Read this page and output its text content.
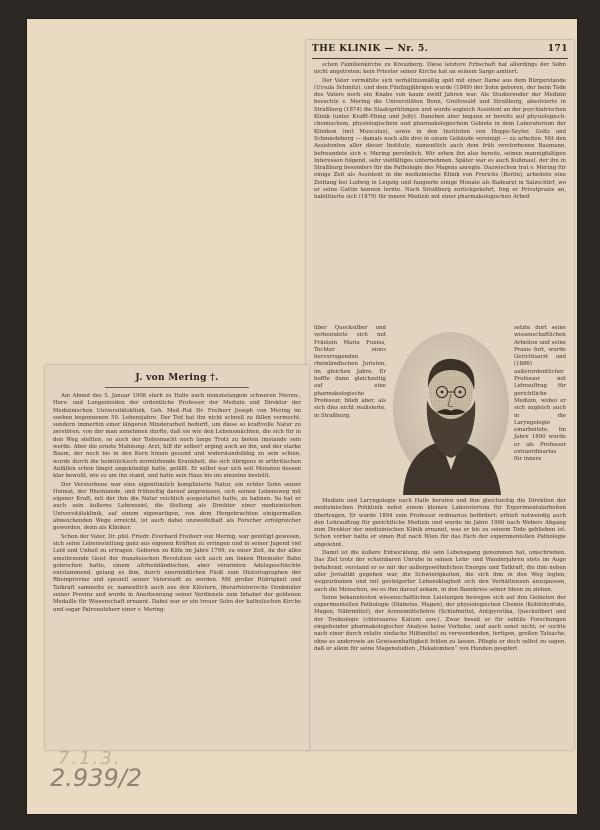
THE KLINIK — Nr. 5.	171

schen Familienkirche zu Kreuzberg. Diese letztere Erbschaft hat allerdings der Sohn nicht angetreten; kein Priester seiner Kirche hat an seinem Sarge amtiert.

Der Vater vermählte sich verhältnismäßig spät mit einer Dame aus dem Bürgerstande (Ursula Schmitz), und dem Fünfzigjährigen wurde (1849) der Sohn geboren, der beim Tode des Vaters noch ein Knabe von kaum zwölf Jahren war. Als Studierender der Medizin besuchte v. Mering die Universitäten Bonn, Greifswald und Straßburg, absolvierte in Straßburg (1874) die Staatsprüfungen und wurde sogleich Assistent an der psychiatrischen Klinik (unter Krafft-Ebing und Jolly). Daneben aber begann er bereits auf physiologisch-chemischem, physiologischem und pharmakologischem Gebiete in dem Laboratorium der Kliniken (mit Musculus), sowie in den Instituten von Hoppe-Seyler, Goltz und Schmiedeberg — damals noch alle drei in einem Gebäude vereinigt — zu arbeiten. Mit den Assistenten aller dieser Institute, namentlich auch dem früh verstorbenen Baumann, befreundete sich v. Mering persönlich. Wir sehen ihn also bereits, seinen mannigfaltigen Interessen folgend, sehr vielfältiges unternehmen. Später war es auch Kußmaul, der ihn in Straßburg besonders für die Pathologie des Magens anregte. Dazwischen trat v. Mering für einige Zeit als Assistent in die medizinische Klinik von Frerichs (Berlin), arbeitete eine Zeitlang bei Ludwig in Leipzig und fungierte einige Monate als Badearzt in Salzschlirf, wo er seine Gattin kennen lernte. Nach Straßburg zurückgekehrt, fing er Privatpraxis an, habilitierte sich (1879) für innere Medizin mit einer pharmakologischen Arbeit

über Quecksilber und verheiratete sich mit Fräulein Maria Fuxius, Tochter eines hervorragenden rheinländischen Juristen, im gleichen Jahre. Er hoffte dann gleichzeitig auf eine pharmakologische Professur, blieb aber, als sich dies nicht realisierte, in Straßburg.
setzte dort seine wissenschaftlichen Arbeiten und seine Praxis fort, wurde Gerichtsarzt und (1886) außerordentlicher Professor mit Lehrauftrag für gerichtliche Medizin, wobei er sich zugleich auch in die Laryngologie einarbeitete. Im Jahre 1890 wurde er als Professor extraordinarius für innere

Medizin und Laryngologie nach Halle berufen und ihm gleichzeitig die Direktion der medizinischen Poliklinik nebst einem kleinen Laboratorium für Experimentalarbeiten übertragen. Er wurde 1894 zum Professor ordinarius befördert; erhielt notwendig auch den Lehrauftrag für gerichtliche Medizin und wurde im Jahre 1900 nach Webers Abgang zum Direktor der medizinischen Klinik ernannt, was er bis zu seinem Tode geblieben ist. Schon vorher hatte er einen Ruf nach Wien für das Fach der experimentellen Pathologie abgelehnt.

Damit ist die äußere Entwicklung, die sein Lebensgang genommen hat, umschrieben. Das Ziel trotz der scheinbaren Unruhe in seinen Lehr- und Wanderjahren stets im Auge behaltend, verstand er es mit der außergewöhnlichen Energie und Tatkraft, die ihm neben aller Jovialität gegeben war, die Schwierigkeiten, die sich ihm in den Weg legten, wegzuräumen und mit gesteigerter Lebensklugheit sich den Verhältnissen anzupassen, auch die Menschen, wo es ihm darauf ankam, in den Bannkreis seiner Ideen zu ziehen.

Seine bekanntesten wissenschaftlichen Leistungen bewegen sich auf den Gebieten der experimentellen Pathologie (Diabetes, Magen), der physiologischen Chemie (Kohlehydrate, Magen, Nährmittel), der Arzneimittellehre (Schlafmittel, Antipyretika, Quecksilber) und der Toxikologie (chlorsaures Kalium usw.). Zwar besaß er für subtile Forschungen eingehender pharmakologischer Analyse keine Vorliebe, und auch sonst nicht; er suchte nach einer durch relativ einfache Hilfsmittel zu verwendenden, fertigen, großen Tatsache, ohne es anderswie an Gewissenhaftigkeit fehlen zu lassen. Pflegte er doch selbst zu sagen, daß er allein für seine Magenstudien „Hekatomben“ von Hunden geopfert

J. von Mering †.

Am Abend des 5. Januar 1908 starb zu Halle nach monatelangem schweren Nieren-, Herz- und Lungenleiden der ordentliche Professor der Medizin und Direktor der Medizinischen Universitätsklinik, Geh. Med.-Rat Dr. Freiherr Joseph von Mering im soeben begonnenen 59. Lebensjahre. Der Tod hat ihn nicht schnell zu fällen vermocht, sondern immerhin einer längeren Minderarbeit bedurft, um diese so kraftvolle Natur zu zerstören, von der man annehmen durfte, daß sie wie den Lebensmächten, die sich für in den Weg stellten, so auch der Todesmacht noch lange Trotz zu bieten imstande sein werde. Aber die ernste Mahnung: Arzt, hilf dir selber! erging auch an ihn, und der starke Baum, der noch bis in den Kern hinein gesund und widerstandsfähig zu sein schien, wurde durch die heimtückisch zermürbende Krankheit, die sich übrigens in arthritischen Anfällen schon längst angekündigt hatte, gefällt. Er selbst war sich seit Monaten dessen klar bewußt, wie es um ihn stand, und hatte sein Haus bis ins einzelne bestellt.

Der Verstorbene war eine eigentümlich komplizierte Natur, ein echter Sohn seiner Heimat, der Rheinlande, und frühzeitig darauf angewiesen, sich seinen Lebensweg mit eigener Kraft, mit der ihm die Natur reichlich ausgestattet hatte, zu bahnen. So hat er auch sein äußeres Lebensziel, die Stellung als Direktor einer medizinischen Universitätsklinik, auf einem eigenartigen, von dem Hergebrachten einigermaßen abweichenden Wege erreicht, ist auch dabei unzweifelhaft als Forscher erfolgreicher geworden, denn als Kliniker.

Schon der Vater, Dr. phil. Friedr. Everhard Freiherr von Mering, war genötigt gewesen, sich seine Lebensstellung ganz aus eigenen Kräften zu erringen und in seiner Jugend viel Leid und Unheil zu ertragen. Geboren zu Köln im Jahre 1799, zu einer Zeit, da der alles umstürzende Geist der französischen Revolution sich auch am linken Rheinufer Bahn gebrochen hatte, einem altrheinländischen, aber verarmten Adelsgeschlechte entstammend, gelang es ihm, durch unermüdlichen Fleiß zum Historiographen der Rheinprovinz und speziell seiner Vaterstadt zu werden. Mit großer Rührigkeit und Tatkraft sammelte er, namentlich auch aus den Klöstern, literarhistorische Denkmäler seiner Provinz und wurde in Anerkennung seiner Verdienste zum Inhaber der goldenen Medaille für Wissenschaft ernannt. Dabei war er ein treuer Sohn der katholischen Kirche und sogar Patronatsherr einer v. Mering-

7.1.3.
2.939/2
